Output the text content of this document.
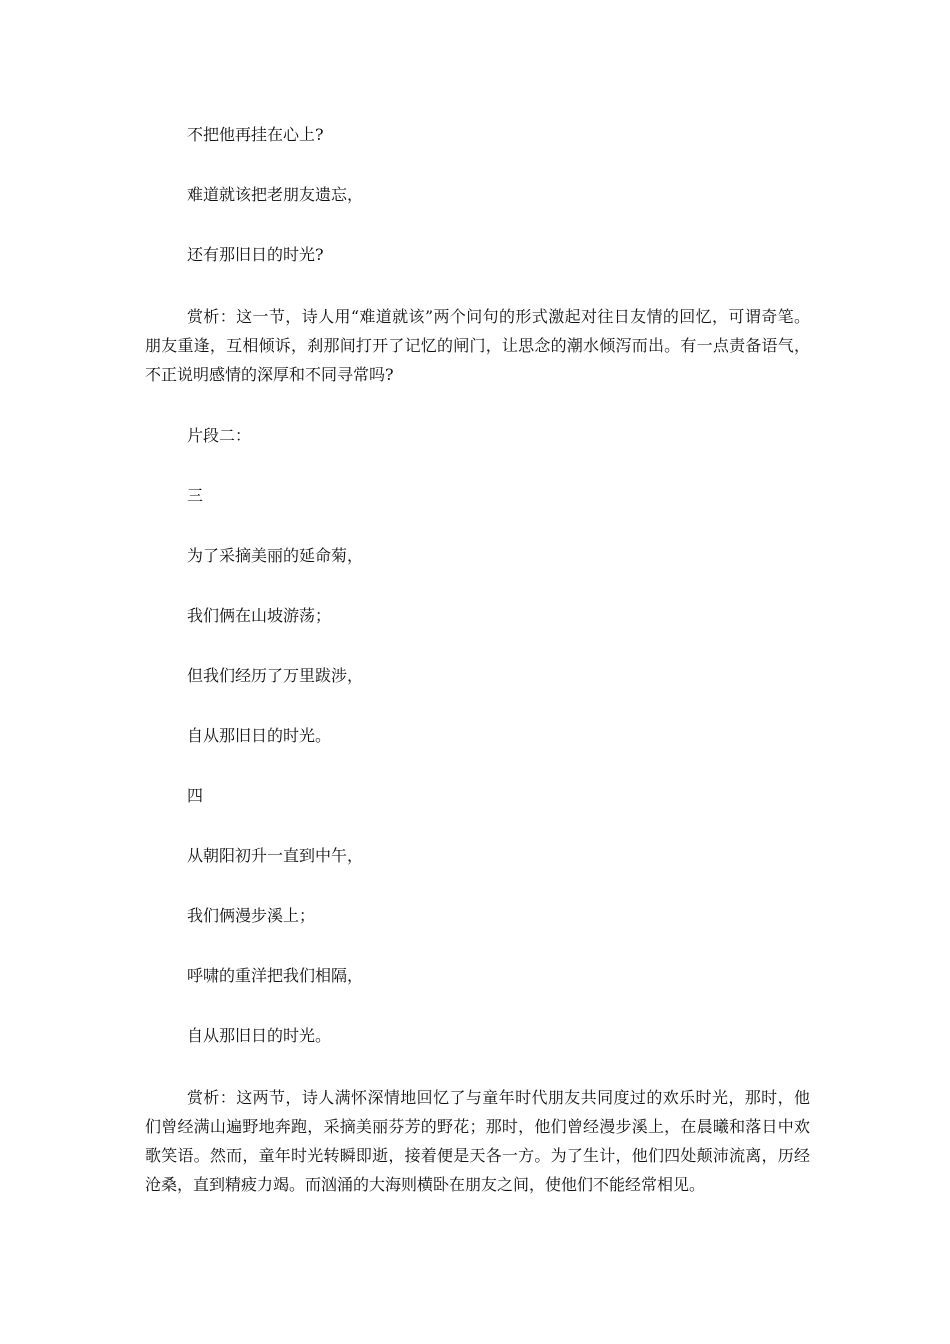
不把他再挂在心上?
难道就该把老朋友遗忘，
还有那旧日的时光?
赏析：这一节，诗人用“难道就该”两个问句的形式激起对往日友情的回忆，可谓奇笔。朋友重逢，互相倾诉，刹那间打开了记忆的闸门，让思念的潮水倾泻而出。有一点责备语气，不正说明感情的深厚和不同寻常吗?
片段二：
三
为了采摘美丽的延命菊，
我们俩在山坡游荡；
但我们经历了万里跋涉，
自从那旧日的时光。
四
从朝阳初升一直到中午，
我们俩漫步溪上；
呼啸的重洋把我们相隔，
自从那旧日的时光。
赏析：这两节，诗人满怀深情地回忆了与童年时代朋友共同度过的欢乐时光，那时，他们曾经满山遍野地奔跑，采摘美丽芬芳的野花；那时，他们曾经漫步溪上，在晨曦和落日中欢歌笑语。然而，童年时光转瞬即逝，接着便是天各一方。为了生计，他们四处颠沛流离，历经沧桑，直到精疲力竭。而汹涌的大海则横卧在朋友之间，使他们不能经常相见。
